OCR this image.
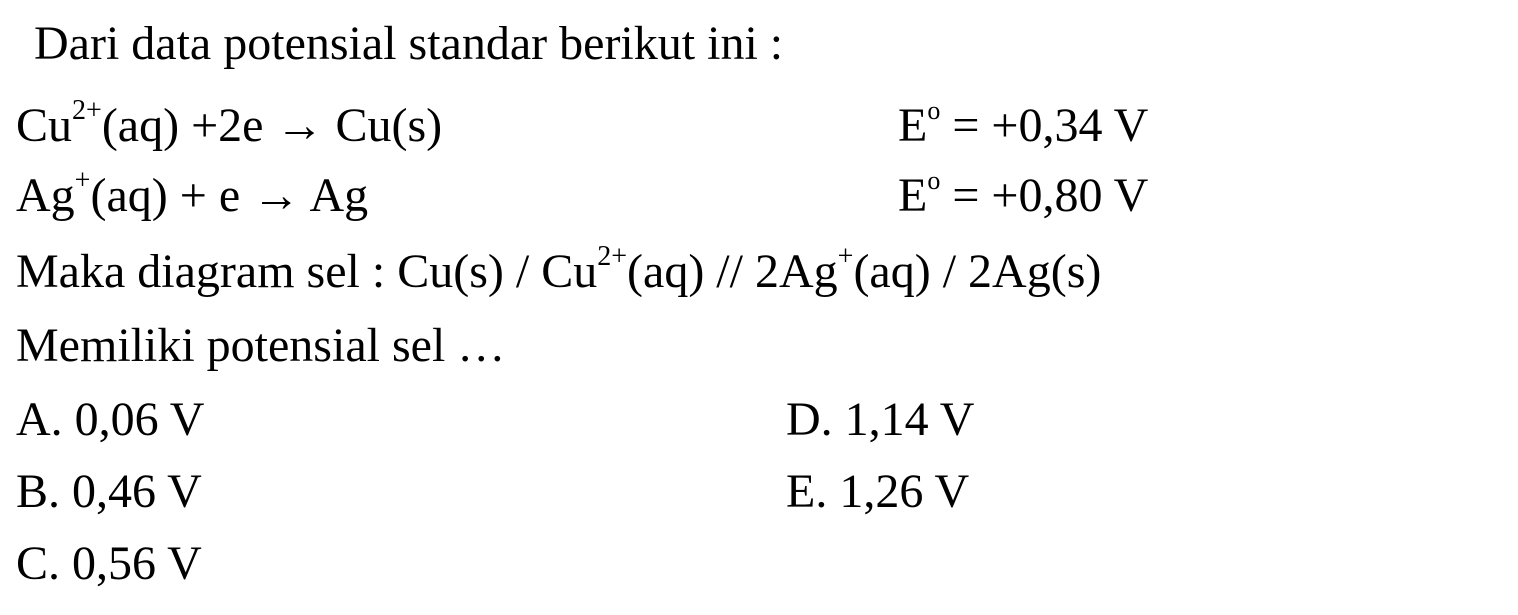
Dari data potensial standar berikut ini :
$Cu^{2+}(aq) +2e \to Cu(s)$	$E^o = +0,34$ V
Ag+(aq) + e → Ag	$E^o = +0,80$ V
Maka diagram sel : $Cu(s) / Cu^{2+}(aq) // 2Ag^+(aq) / 2Ag(s)$
Memiliki potensial sel …
A. 0,06 V
B. 0,46 V
C. 0,56 V
D. 1,14 V
E. 1,26 V
